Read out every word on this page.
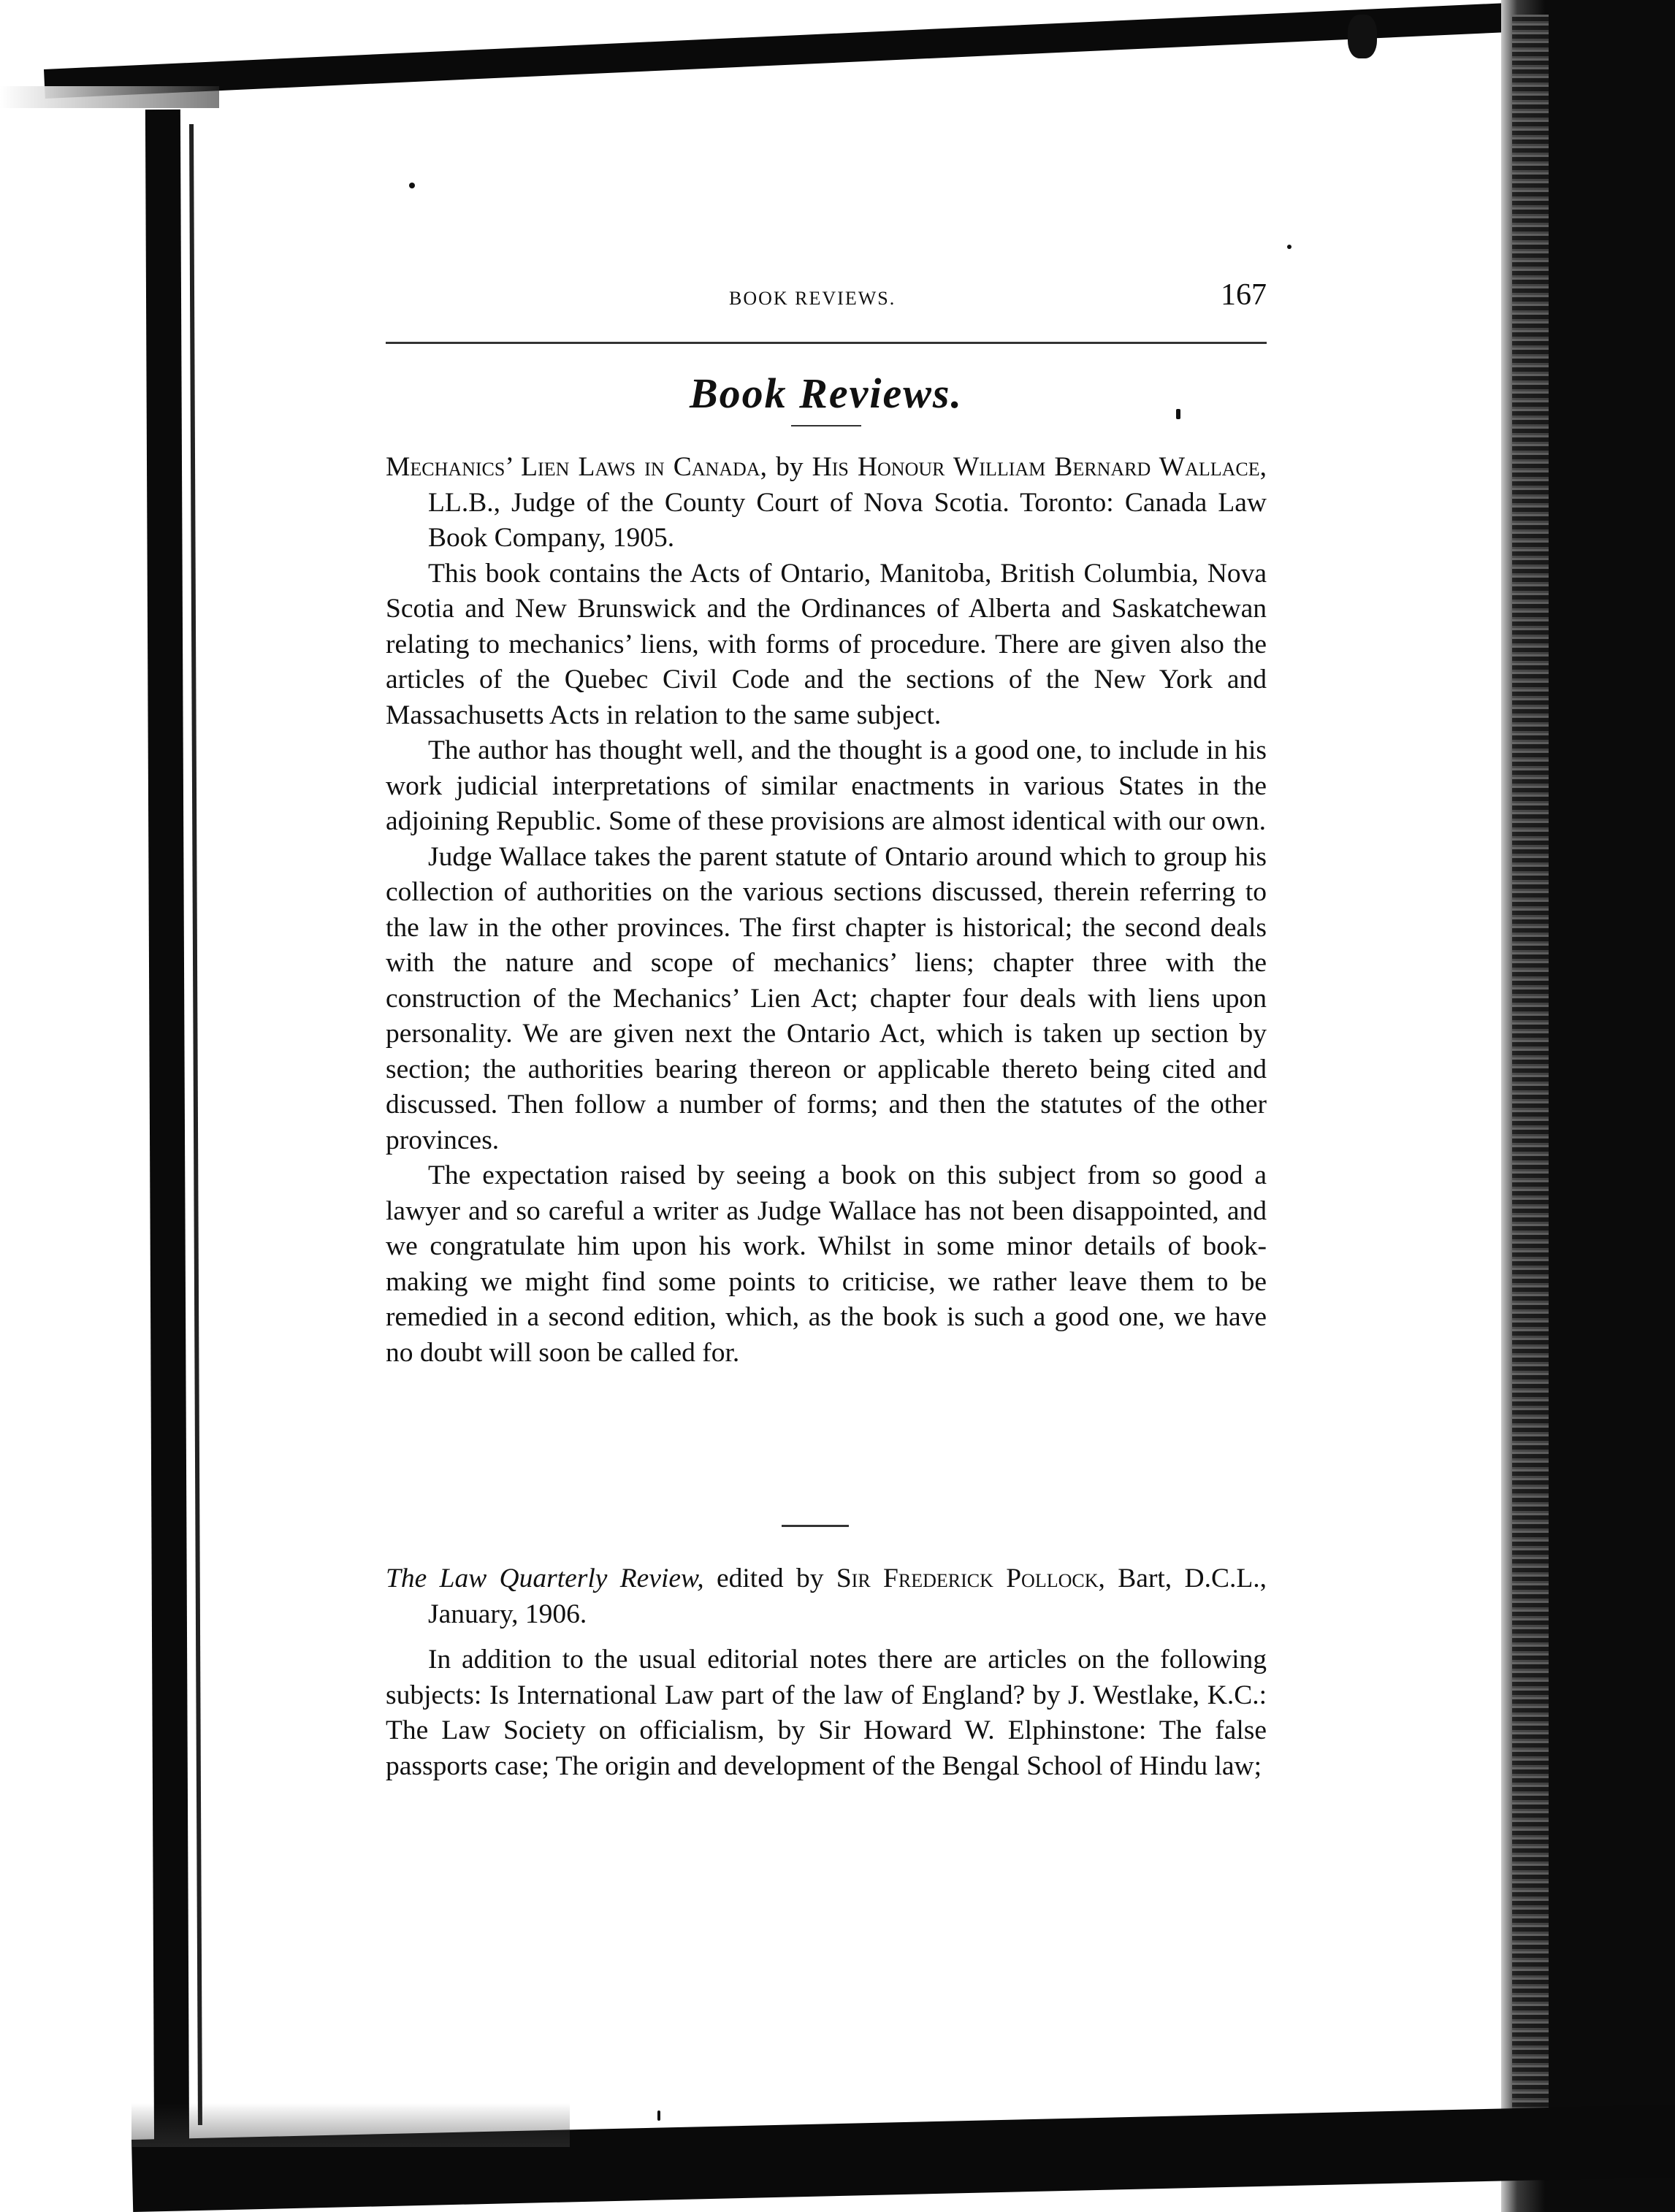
BOOK REVIEWS.	167
Book Reviews.

Mechanics’ Lien Laws in Canada, by His Honour William Bernard Wallace, LL.B., Judge of the County Court of Nova Scotia. Toronto: Canada Law Book Company, 1905.

This book contains the Acts of Ontario, Manitoba, British Columbia, Nova Scotia and New Brunswick and the Ordinances of Alberta and Saskatchewan relating to mechanics’ liens, with forms of procedure. There are given also the articles of the Quebec Civil Code and the sections of the New York and Massachusetts Acts in relation to the same subject.

The author has thought well, and the thought is a good one, to include in his work judicial interpretations of similar enactments in various States in the adjoining Republic. Some of these provisions are almost identical with our own.

Judge Wallace takes the parent statute of Ontario around which to group his collection of authorities on the various sections discussed, therein referring to the law in the other provinces. The first chapter is historical; the second deals with the nature and scope of mechanics’ liens; chapter three with the construction of the Mechanics’ Lien Act; chapter four deals with liens upon personality. We are given next the Ontario Act, which is taken up section by section; the authorities bearing thereon or applicable thereto being cited and discussed. Then follow a number of forms; and then the statutes of the other provinces.

The expectation raised by seeing a book on this subject from so good a lawyer and so careful a writer as Judge Wallace has not been disappointed, and we congratulate him upon his work. Whilst in some minor details of book-making we might find some points to criticise, we rather leave them to be remedied in a second edition, which, as the book is such a good one, we have no doubt will soon be called for.

The Law Quarterly Review, edited by Sir Frederick Pollock, Bart, D.C.L., January, 1906.

In addition to the usual editorial notes there are articles on the following subjects: Is International Law part of the law of England? by J. Westlake, K.C.: The Law Society on officialism, by Sir Howard W. Elphinstone: The false passports case; The origin and development of the Bengal School of Hindu law;
